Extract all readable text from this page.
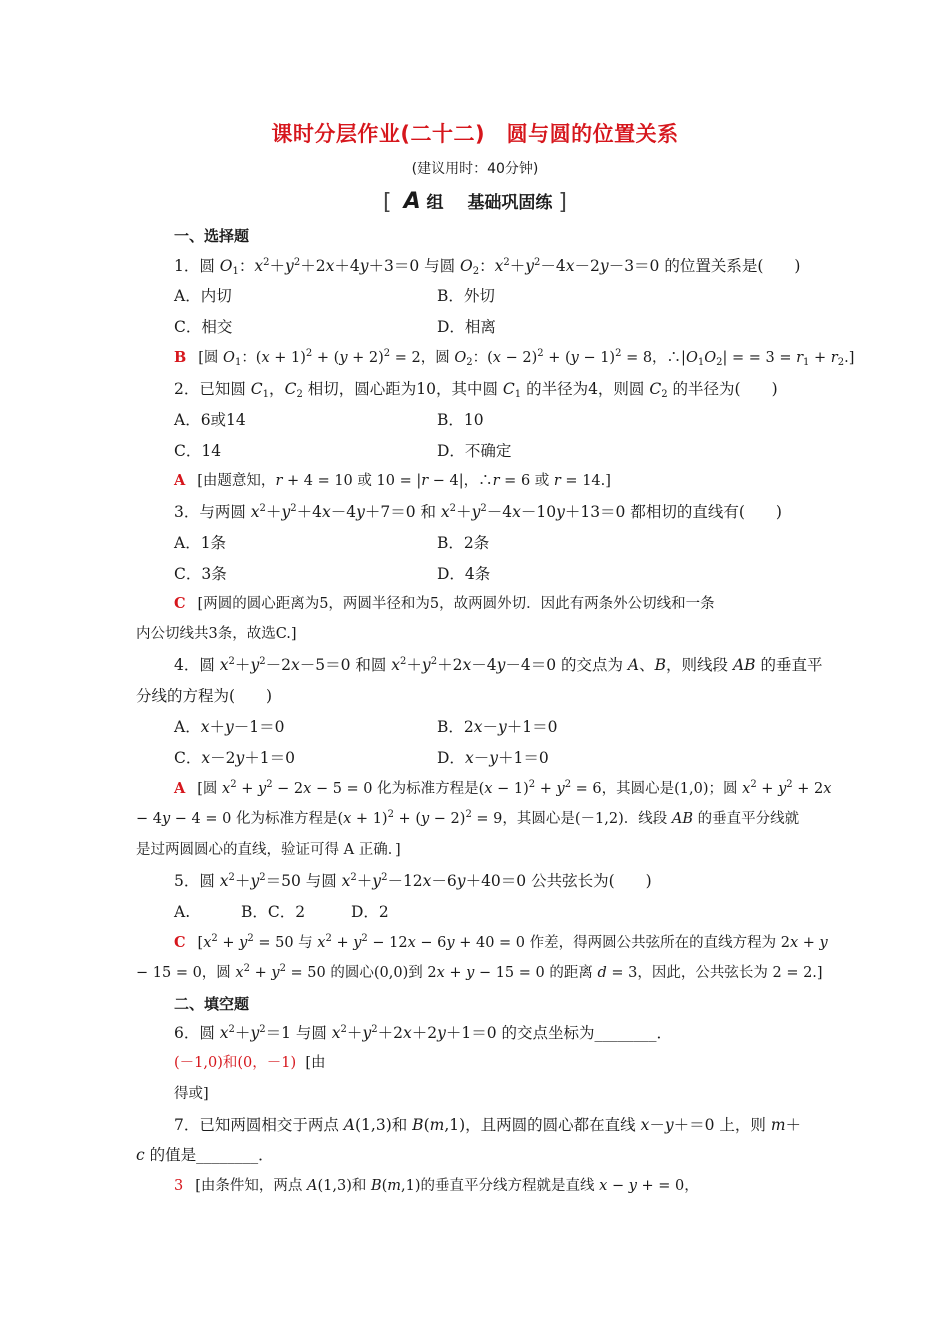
课时分层作业(二十二)　圆与圆的位置关系
(建议用时：40分钟)
[ A 组 基础巩固练 ]
一、选择题
1．圆 $O_1$：$x^2+y^2+2x+4y+3=0$ 与圆 $O_2$：$x^2+y^2-4x-2y-3=0$ 的位置关系是(　　)
A．内切	B．外切
C．相交	D．相离
B [圆 $O_1$：$(x + 1)^2 + (y + 2)^2 = 2$，圆 $O_2$：$(x - 2)^2 + (y - 1)^2 = 8$，$\therefore|O_1O_2|$ = = $3 = r_1 + r_2$.]
2．已知圆 $C_1$，$C_2$ 相切，圆心距为10，其中圆 $C_1$ 的半径为4，则圆 $C_2$ 的半径为(　　)
A．6或14	B．10
C．14	D．不确定
A [由题意知，r + 4 = 10 或 10 = |r − 4|，∴r = 6 或 r = 14.]
3．与两圆 $x^2+y^2+4x-4y+7=0$ 和 $x^2+y^2-4x-10y+13=0$ 都相切的直线有(　　)
A．1条	B．2条
C．3条	D．4条
C [两圆的圆心距离为5，两圆半径和为5，故两圆外切．因此有两条外公切线和一条
内公切线共3条，故选C.]
4．圆 $x^2+y^2-2x-5=0$ 和圆 $x^2+y^2+2x-4y-4=0$ 的交点为 A、B，则线段 AB 的垂直平
分线的方程为(　　)
A．x＋y－1＝0	B．2x－y＋1＝0
C．x－2y＋1＝0	D．x－y＋1＝0
A [圆 $x^2 + y^2 - 2x - 5 = 0$ 化为标准方程是$(x - 1)^2 + y^2 = 6$，其圆心是(1,0)；圆 $x^2 + y^2 + 2x$
− 4y − 4 = 0 化为标准方程是$(x + 1)^2 + (y - 2)^2 = 9$，其圆心是(－1,2)．线段 AB 的垂直平分线就
是过两圆圆心的直线，验证可得 A 正确．]
5．圆 $x^2+y^2=50$ 与圆 $x^2+y^2-12x-6y+40=0$ 公共弦长为(　　)
A.	B．C．2	D．2
C [$x^2 + y^2 = 50$ 与 $x^2 + y^2 - 12x - 6y + 40 = 0$ 作差，得两圆公共弦所在的直线方程为 2x + y
− 15 = 0，圆 $x^2 + y^2 = 50$ 的圆心(0,0)到 2x + y − 15 = 0 的距离 d = 3，因此，公共弦长为 2 = 2.]
二、填空题
6．圆 $x^2+y^2=1$ 与圆 $x^2+y^2+2x+2y+1=0$ 的交点坐标为________．
(－1,0)和(0，－1) [由
得或]
7．已知两圆相交于两点 A(1,3)和 B(m,1)，且两圆的圆心都在直线 x－y＋＝0 上，则 m＋
c 的值是________．
3 [由条件知，两点 A(1,3)和 B(m,1)的垂直平分线方程就是直线 x − y + = 0，
